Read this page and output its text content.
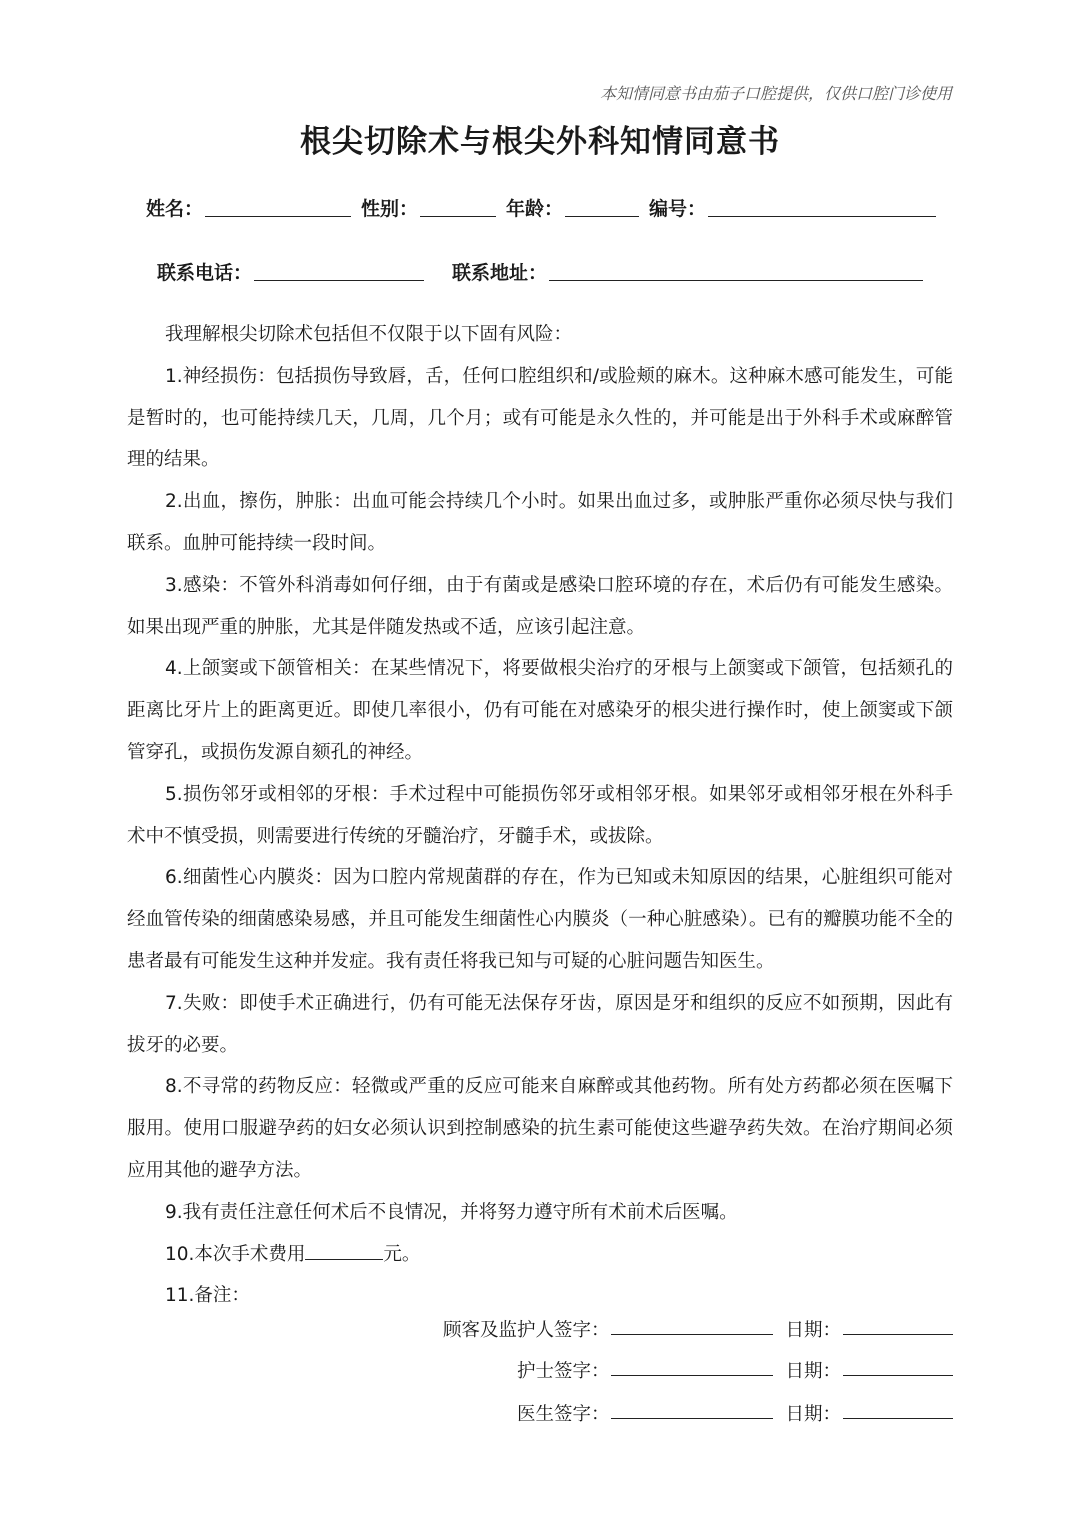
本知情同意书由茄子口腔提供，仅供口腔门诊使用
根尖切除术与根尖外科知情同意书
姓名：	性别：	年龄：	编号：
联系电话：	联系地址：

我理解根尖切除术包括但不仅限于以下固有风险：

1.神经损伤：包括损伤导致唇，舌，任何口腔组织和/或脸颊的麻木。这种麻木感可能发生，可能是暂时的，也可能持续几天，几周，几个月；或有可能是永久性的，并可能是出于外科手术或麻醉管理的结果。

2.出血，擦伤，肿胀：出血可能会持续几个小时。如果出血过多，或肿胀严重你必须尽快与我们联系。血肿可能持续一段时间。

3.感染：不管外科消毒如何仔细，由于有菌或是感染口腔环境的存在，术后仍有可能发生感染。如果出现严重的肿胀，尤其是伴随发热或不适，应该引起注意。

4.上颌窦或下颌管相关：在某些情况下，将要做根尖治疗的牙根与上颌窦或下颌管，包括颏孔的距离比牙片上的距离更近。即使几率很小，仍有可能在对感染牙的根尖进行操作时，使上颌窦或下颌管穿孔，或损伤发源自颏孔的神经。

5.损伤邻牙或相邻的牙根：手术过程中可能损伤邻牙或相邻牙根。如果邻牙或相邻牙根在外科手术中不慎受损，则需要进行传统的牙髓治疗，牙髓手术，或拔除。

6.细菌性心内膜炎：因为口腔内常规菌群的存在，作为已知或未知原因的结果，心脏组织可能对经血管传染的细菌感染易感，并且可能发生细菌性心内膜炎（一种心脏感染）。已有的瓣膜功能不全的患者最有可能发生这种并发症。我有责任将我已知与可疑的心脏问题告知医生。

7.失败：即使手术正确进行，仍有可能无法保存牙齿，原因是牙和组织的反应不如预期，因此有拔牙的必要。

8.不寻常的药物反应：轻微或严重的反应可能来自麻醉或其他药物。所有处方药都必须在医嘱下服用。使用口服避孕药的妇女必须认识到控制感染的抗生素可能使这些避孕药失效。在治疗期间必须应用其他的避孕方法。

9.我有责任注意任何术后不良情况，并将努力遵守所有术前术后医嘱。

10.本次手术费用	元。

11.备注：

顾客及监护人签字：	日期：
护士签字：	日期：
医生签字：	日期：
